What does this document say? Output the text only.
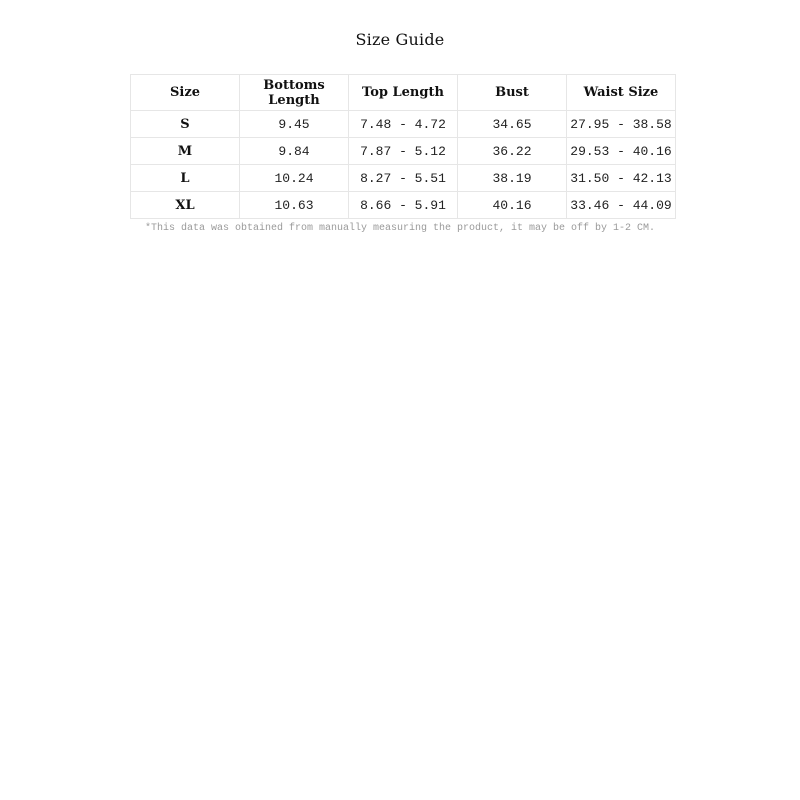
Size Guide
Size	Bottoms Length	Top Length	Bust	Waist Size
S	9.45	7.48 - 4.72	34.65	27.95 - 38.58
M	9.84	7.87 - 5.12	36.22	29.53 - 40.16
L	10.24	8.27 - 5.51	38.19	31.50 - 42.13
XL	10.63	8.66 - 5.91	40.16	33.46 - 44.09
*This data was obtained from manually measuring the product, it may be off by 1-2 CM.
